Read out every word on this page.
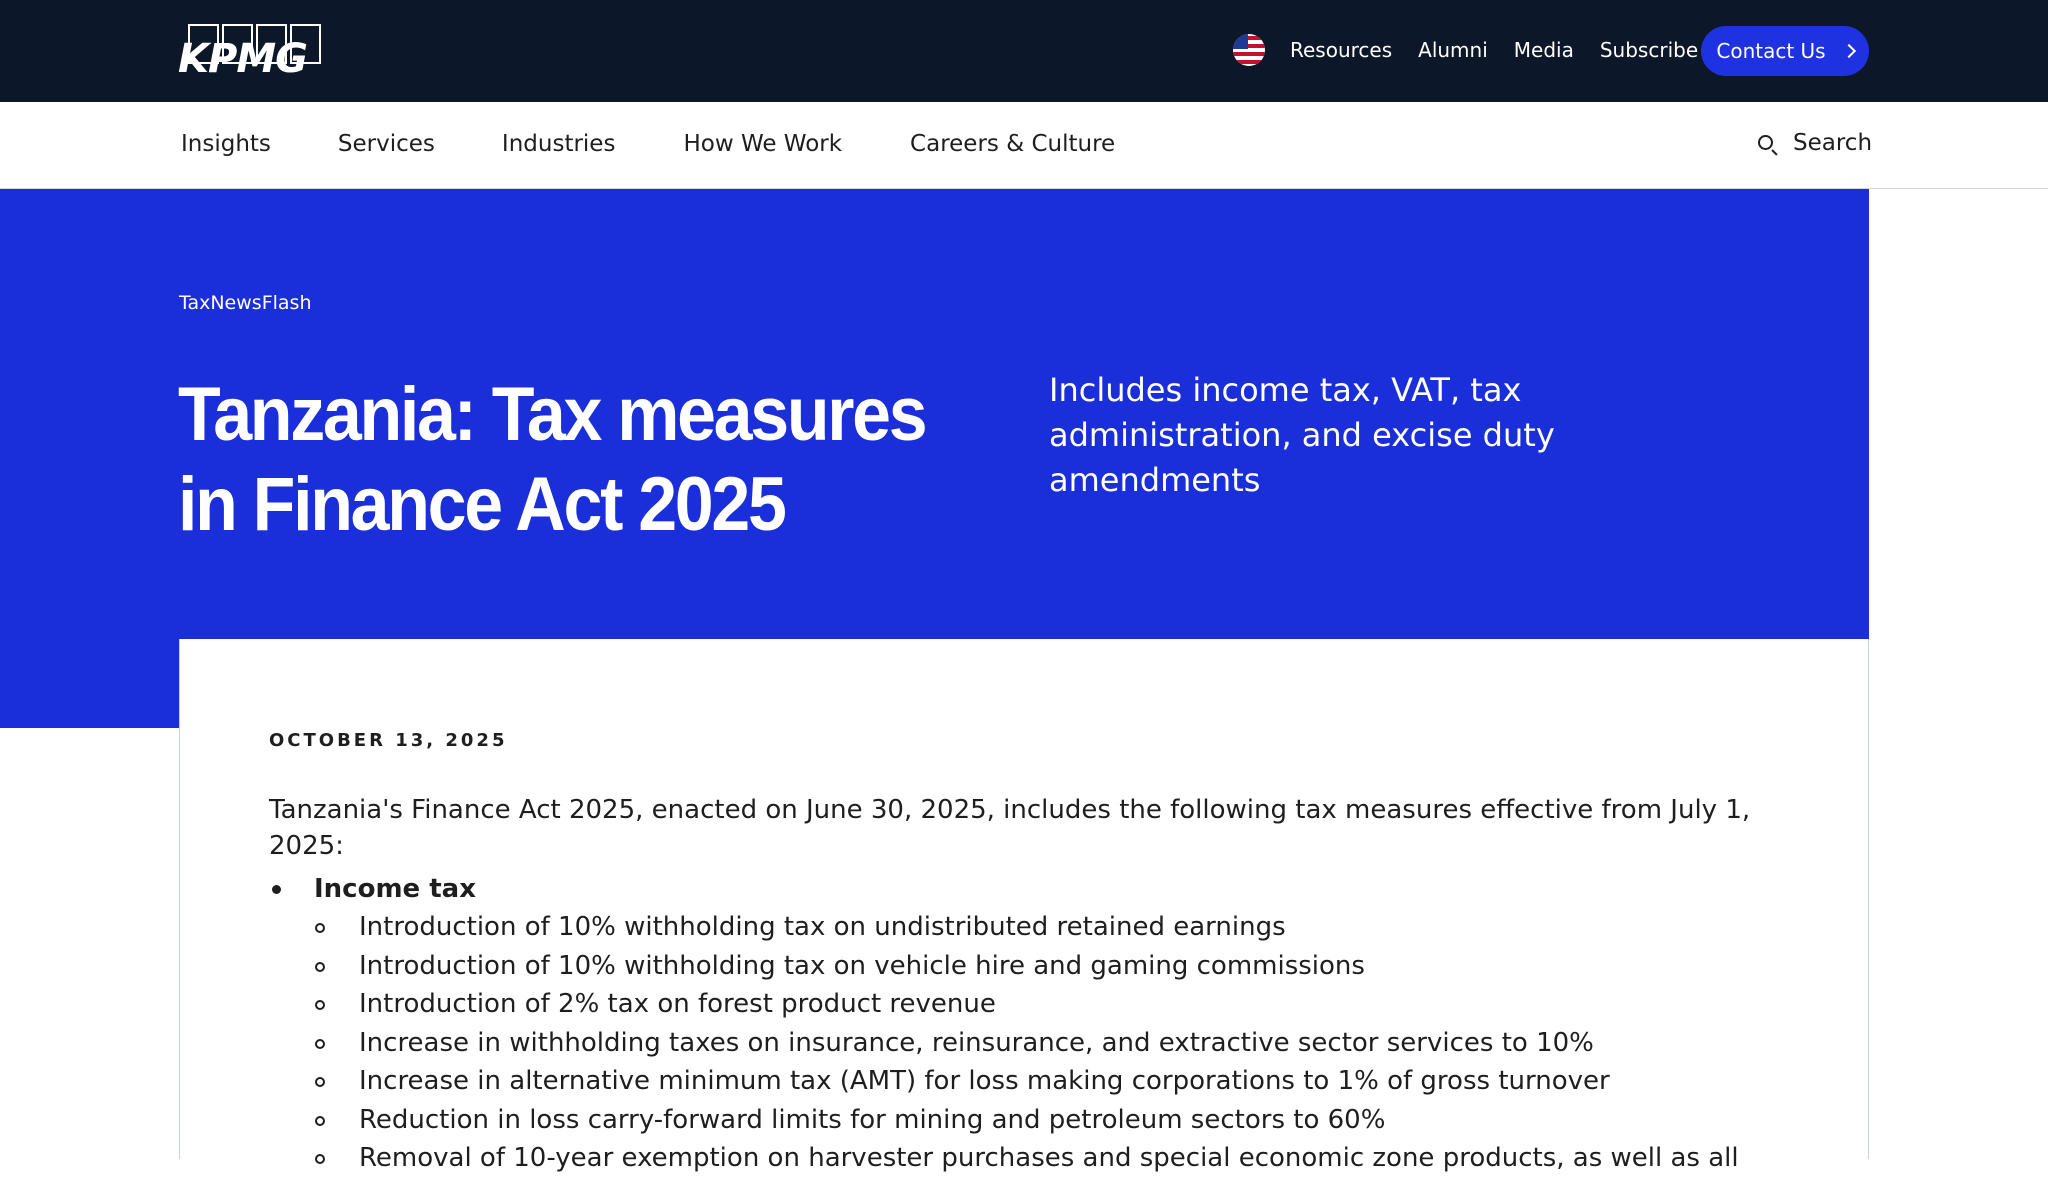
KPMG	Resources Alumni Media Subscribe Contact Us
Insights	Services	Industries	How We Work	Careers & Culture	Search
TaxNewsFlash
Tanzania: Tax measures in Finance Act 2025

Includes income tax, VAT, tax administration, and excise duty amendments

OCTOBER 13, 2025

Tanzania's Finance Act 2025, enacted on June 30, 2025, includes the following tax measures effective from July 1, 2025:

Income tax
Introduction of 10% withholding tax on undistributed retained earnings
Introduction of 10% withholding tax on vehicle hire and gaming commissions
Introduction of 2% tax on forest product revenue
Increase in withholding taxes on insurance, reinsurance, and extractive sector services to 10%
Increase in alternative minimum tax (AMT) for loss making corporations to 1% of gross turnover
Reduction in loss carry-forward limits for mining and petroleum sectors to 60%
Removal of 10-year exemption on harvester purchases and special economic zone products, as well as all
